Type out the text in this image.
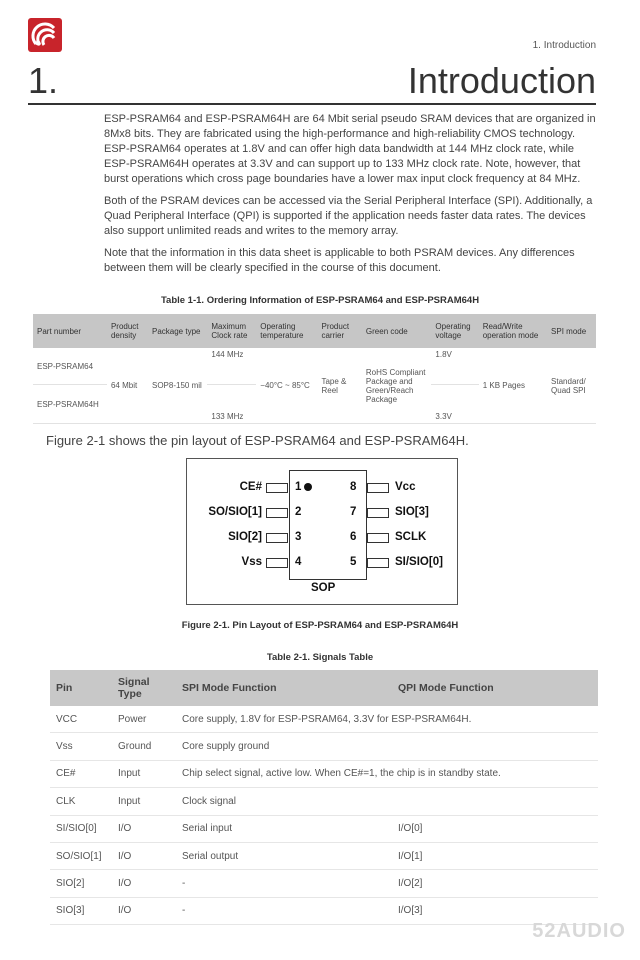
1. Introduction
1.	Introduction

ESP-PSRAM64 and ESP-PSRAM64H are 64 Mbit serial pseudo SRAM devices that are organized in 8Mx8 bits. They are fabricated using the high-performance and high-reliability CMOS technology. ESP-PSRAM64 operates at 1.8V and can offer high data bandwidth at 144 MHz clock rate, while ESP-PSRAM64H operates at 3.3V and can support up to 133 MHz clock rate. Note, however, that burst operations which cross page boundaries have a lower max input clock frequency at 84 MHz.

Both of the PSRAM devices can be accessed via the Serial Peripheral Interface (SPI). Additionally, a Quad Peripheral Interface (QPI) is supported if the application needs faster data rates. The devices also support unlimited reads and writes to the memory array.

Note that the information in this data sheet is applicable to both PSRAM devices. Any differences between them will be clearly specified in the course of this document.

Table 1-1. Ordering Information of ESP-PSRAM64 and ESP-PSRAM64H
Part number	Product density	Package type	Maximum Clock rate	Operating temperature	Product carrier	Green code	Operating voltage	Read/Write operation mode	SPI mode
ESP-PSRAM64	64 Mbit	SOP8-150 mil	144 MHz	−40°C ~ 85°C	Tape & Reel	RoHS Compliant Package and Green/Reach Package	1.8V	1 KB Pages	Standard/ Quad SPI
ESP-PSRAM64H			133 MHz				3.3V		
Figure 2-1 shows the pin layout of ESP-PSRAM64 and ESP-PSRAM64H.
CE#
SO/SIO[1]
SIO[2]
Vss
1
2
3
4
8
7
6
5
Vcc
SIO[3]
SCLK
SI/SIO[0]
SOP
Figure 2-1. Pin Layout of ESP-PSRAM64 and ESP-PSRAM64H
Table 2-1. Signals Table
Pin	Signal Type	SPI Mode Function	QPI Mode Function
VCC	Power	Core supply, 1.8V for ESP-PSRAM64, 3.3V for ESP-PSRAM64H.	
Vss	Ground	Core supply ground	
CE#	Input	Chip select signal, active low. When CE#=1, the chip is in standby state.	
CLK	Input	Clock signal	
SI/SIO[0]	I/O	Serial input	I/O[0]
SO/SIO[1]	I/O	Serial output	I/O[1]
SIO[2]	I/O	-	I/O[2]
SIO[3]	I/O	-	I/O[3]
52AUDIO
